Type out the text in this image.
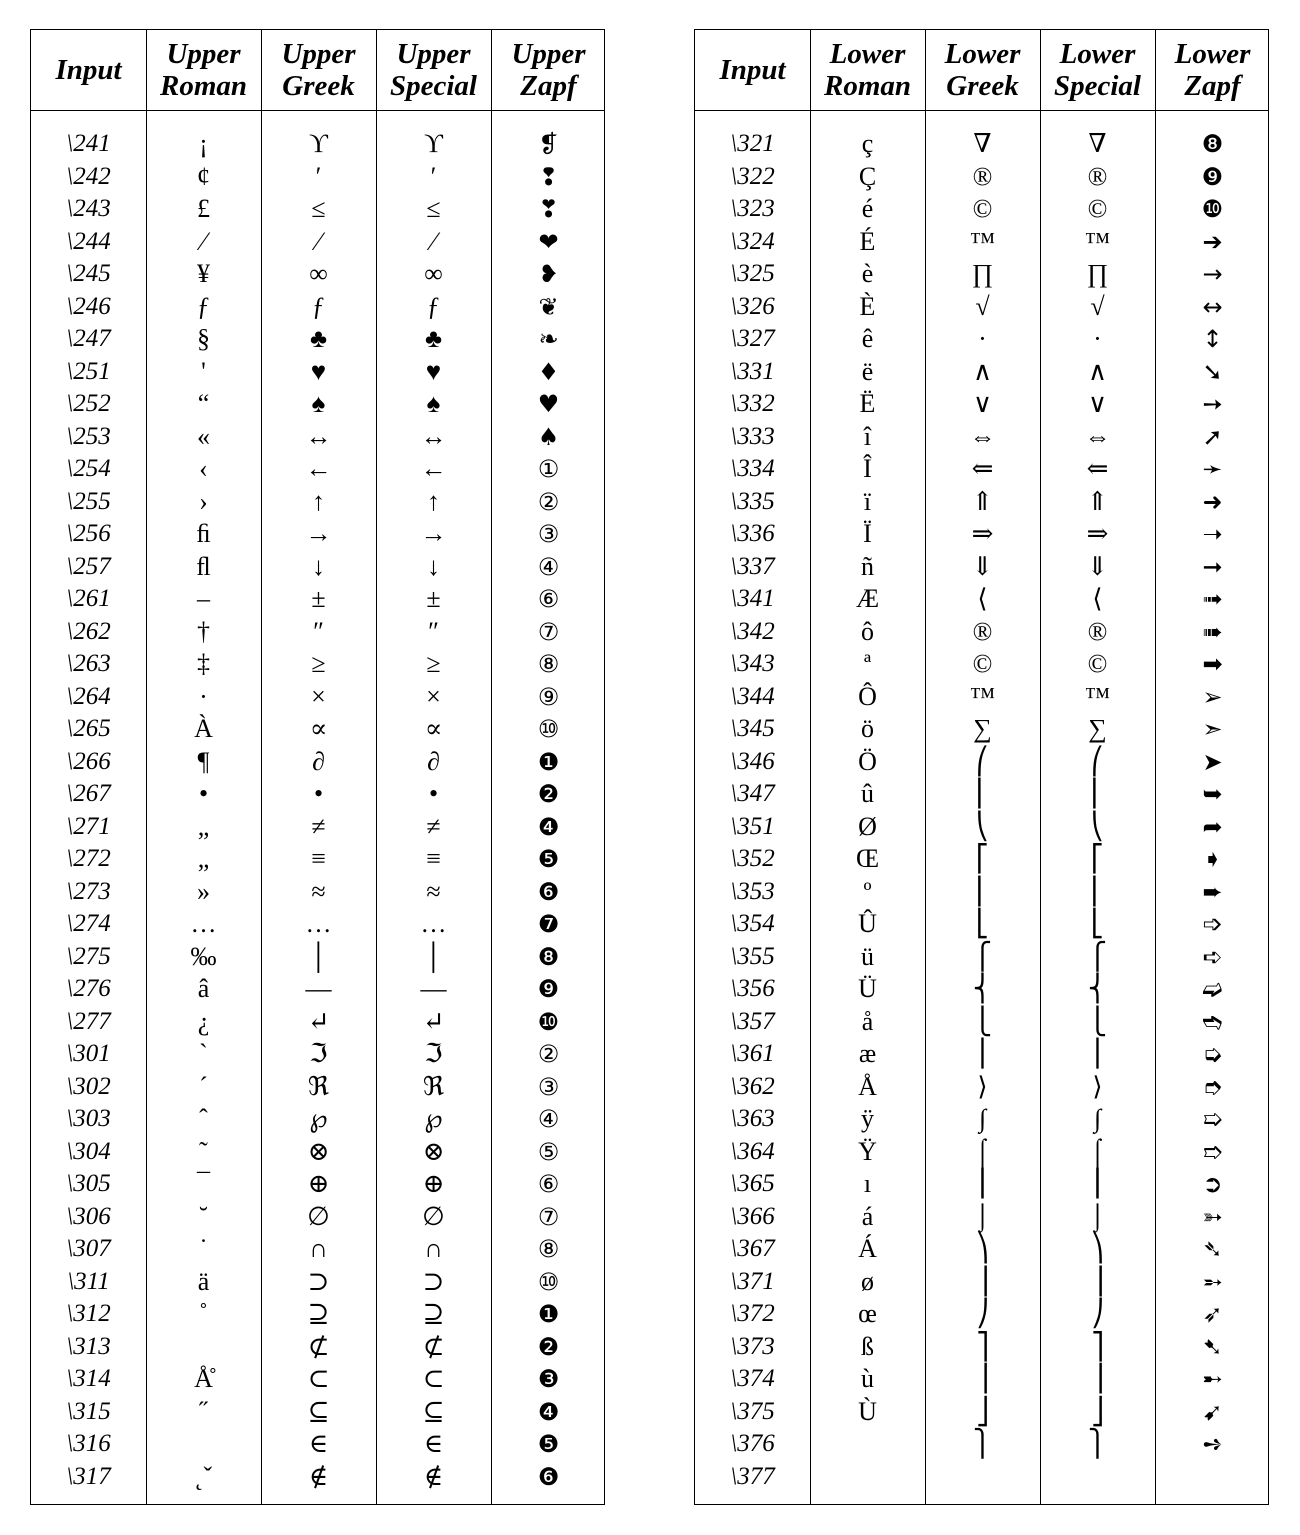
Input Upper
Roman
Upper
Greek
Upper
Special
Upper
Zapf
\241
\242
\243
\244
\245
\246
\247
\251
\252
\253
\254
\255
\256
\257
\261
\262
\263
\264
\265
\266
\267
\271
\272
\273
\274
\275
\276
\277
\301
\302
\303
\304
\305
\306
\307
\311
\312
\313
\314
\315
\316
\317
¡
¢
£
⁄
¥
ƒ
§
'
“
«
‹
›
ﬁ
ﬂ
–
†
‡
·
À
¶
•
„
„
»
…
‰
â
¿
`
´
ˆ
˜
¯
˘
˙
ä
˚
Å̊
˝
˛ˇ
ϒ
′
≤
⁄
∞
ƒ
♣
♥
♠
↔
←
↑
→
↓
±
″
≥
×
∝
∂
•
≠
≡
≈
…
│
—
↵
ℑ
ℜ
℘
⊗
⊕
∅
∩
⊃
⊇
⊄
⊂
⊆
∈
∉
ϒ
′
≤
⁄
∞
ƒ
♣
♥
♠
↔
←
↑
→
↓
±
″
≥
×
∝
∂
•
≠
≡
≈
…
│
—
↵
ℑ
ℜ
℘
⊗
⊕
∅
∩
⊃
⊇
⊄
⊂
⊆
∈
∉
❡
❢
❣
❤
❥
❦
❧
♦
♥
♠
①
②
③
④
⑥
⑦
⑧
⑨
⑩
❶
❷
❹
❺
❻
❼
❽
❾
❿
②
③
④
⑤
⑥
⑦
⑧
⑩
❶
❷
❸
❹
❺
❻
Input Lower
Roman
Lower
Greek
Lower
Special
Lower
Zapf
\321
\322
\323
\324
\325
\326
\327
\331
\332
\333
\334
\335
\336
\337
\341
\342
\343
\344
\345
\346
\347
\351
\352
\353
\354
\355
\356
\357
\361
\362
\363
\364
\365
\366
\367
\371
\372
\373
\374
\375
\376
\377
ç
Ç
é
É
è
È
ê
ë
Ë
î
Î
ï
Ï
ñ
Æ
ô
ª
Ô
ö
Ö
û
Ø
Œ
º
Û
ü
Ü
å
æ
Å
ÿ
Ÿ
ı
á
Á
ø
œ
ß
ù
Ù
∇
®
©
™
∏
√
·
∧
∨
⇔
⇐
⇑
⇒
⇓
⟨
®
©
™
∑
⎛
⎜
⎝
⎡
⎢
⎣
⎧
⎨
⎩
⎪
⟩
∫
⌠
⎮
⌡
⎞
⎟
⎠
⎤
⎥
⎦
⎫
∇
®
©
™
∏
√
·
∧
∨
⇔
⇐
⇑
⇒
⇓
⟨
®
©
™
∑
⎛
⎜
⎝
⎡
⎢
⎣
⎧
⎨
⎩
⎪
⟩
∫
⌠
⎮
⌡
⎞
⎟
⎠
⎤
⎥
⎦
⎫
❽
❾
❿
➔
→
↔
↕
➘
➙
➚
➛
➜
➝
➞
➟
➠
➡
➢
➣
➤
➥
➦
➧
➨
➩
➪
➫
➬
➭
➮
➯
➱
➲
➳
➴
➵
➶
➷
➸
➹
➺
